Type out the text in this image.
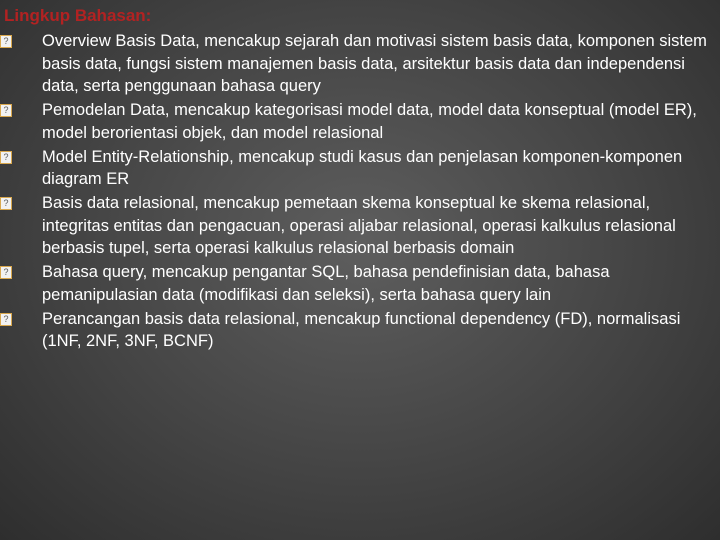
Lingkup Bahasan:
? Overview Basis Data, mencakup sejarah dan motivasi sistem basis data, komponen sistem basis data, fungsi sistem manajemen basis data, arsitektur basis data dan independensi data, serta penggunaan bahasa query
? Pemodelan Data, mencakup kategorisasi model data, model data konseptual (model ER), model berorientasi objek, dan model relasional
? Model Entity-Relationship, mencakup studi kasus dan penjelasan komponen-komponen diagram ER
? Basis data relasional, mencakup pemetaan skema konseptual ke skema relasional, integritas entitas dan pengacuan, operasi aljabar relasional, operasi kalkulus relasional berbasis tupel, serta operasi kalkulus relasional berbasis domain
? Bahasa query, mencakup pengantar SQL, bahasa pendefinisian data, bahasa pemanipulasian data (modifikasi dan seleksi), serta bahasa query lain
? Perancangan basis data relasional, mencakup functional dependency (FD), normalisasi (1NF, 2NF, 3NF, BCNF)
